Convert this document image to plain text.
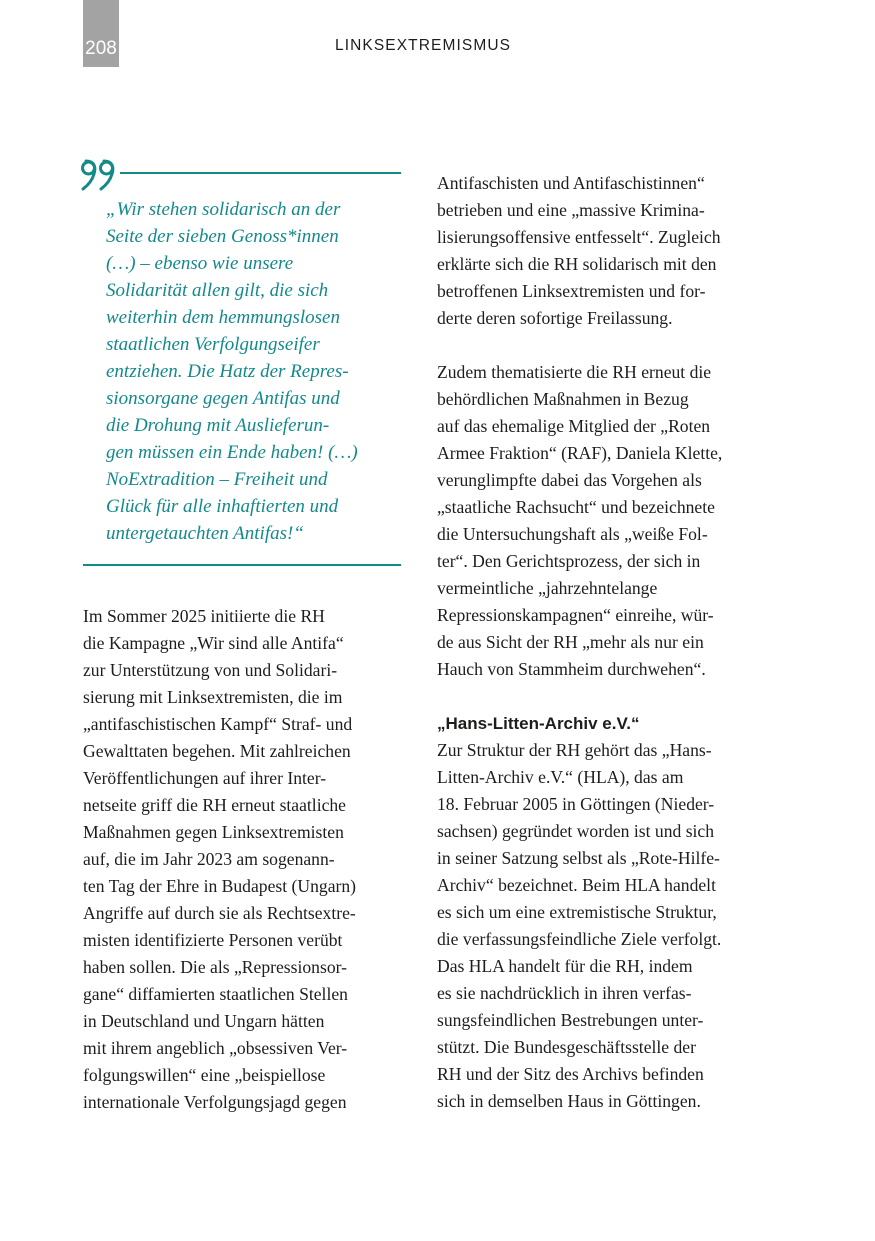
208	LINKSEXTREMISMUS
„Wir stehen solidarisch an der
Seite der sieben Genoss*innen
(…) – ebenso wie unsere
Solidarität allen gilt, die sich
weiterhin dem hemmungslosen
staatlichen Verfolgungseifer
entziehen. Die Hatz der Repres-
sionsorgane gegen Antifas und
die Drohung mit Auslieferun-
gen müssen ein Ende haben! (…)
NoExtradition – Freiheit und
Glück für alle inhaftierten und
untergetauchten Antifas!“
Im Sommer 2025 initiierte die RH
die Kampagne „Wir sind alle Antifa“
zur Unterstützung von und Solidari-
sierung mit Linksextremisten, die im
„antifaschistischen Kampf“ Straf- und
Gewalttaten begehen. Mit zahlreichen
Veröffentlichungen auf ihrer Inter-
netseite griff die RH erneut staatliche
Maßnahmen gegen Linksextremisten
auf, die im Jahr 2023 am sogenann-
ten Tag der Ehre in Budapest (Ungarn)
Angriffe auf durch sie als Rechtsextre-
misten identifizierte Personen verübt
haben sollen. Die als „Repressionsor-
gane“ diffamierten staatlichen Stellen
in Deutschland und Ungarn hätten
mit ihrem angeblich „obsessiven Ver-
folgungswillen“ eine „beispiellose
internationale Verfolgungsjagd gegen
Antifaschisten und Antifaschistinnen“
betrieben und eine „massive Krimina-
lisierungsoffensive entfesselt“. Zugleich
erklärte sich die RH solidarisch mit den
betroffenen Linksextremisten und for-
derte deren sofortige Freilassung.
Zudem thematisierte die RH erneut die
behördlichen Maßnahmen in Bezug
auf das ehemalige Mitglied der „Roten
Armee Fraktion“ (RAF), Daniela Klette,
verunglimpfte dabei das Vorgehen als
„staatliche Rachsucht“ und bezeichnete
die Untersuchungshaft als „weiße Fol-
ter“. Den Gerichtsprozess, der sich in
vermeintliche „jahrzehntelange
Repressionskampagnen“ einreihe, wür-
de aus Sicht der RH „mehr als nur ein
Hauch von Stammheim durchwehen“.
„Hans-Litten-Archiv e.V.“
Zur Struktur der RH gehört das „Hans-
Litten-Archiv e.V.“ (HLA), das am
18. Februar 2005 in Göttingen (Nieder-
sachsen) gegründet worden ist und sich
in seiner Satzung selbst als „Rote-Hilfe-
Archiv“ bezeichnet. Beim HLA handelt
es sich um eine extremistische Struktur,
die verfassungsfeindliche Ziele verfolgt.
Das HLA handelt für die RH, indem
es sie nachdrücklich in ihren verfas-
sungsfeindlichen Bestrebungen unter-
stützt. Die Bundesgeschäftsstelle der
RH und der Sitz des Archivs befinden
sich in demselben Haus in Göttingen.
